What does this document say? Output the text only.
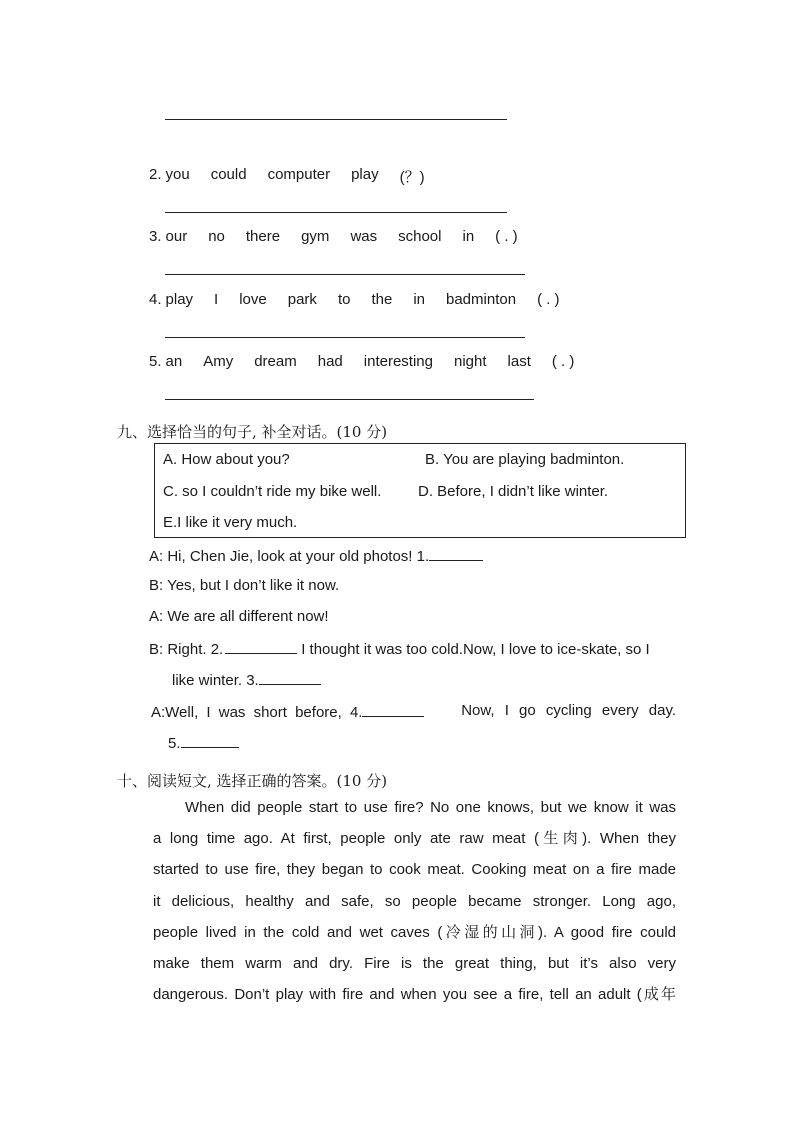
2. you could computer play (？)
3. our no there gym was school in ( . )
4. play I love park to the in badminton ( . )
5. an Amy dream had interesting night last ( . )
九、选择恰当的句子, 补全对话。(10 分)
A. How about you?	B. You are playing badminton.
C. so I couldn’t ride my bike well. D. Before, I didn’t like winter.
E.I like it very much.
A: Hi, Chen Jie, look at your old photos! 1.
B: Yes, but I don’t like it now.
A: We are all different now!
B: Right. 2.	I thought it was too cold.Now, I love to ice-skate, so I
like winter. 3.
A:Well, I was short before, 4.	Now, I go cycling every day.
5.
十、阅读短文, 选择正确的答案。(10 分)
When did people start to use fire? No one knows, but we know it was
a long time ago. At first, people only ate raw meat (生肉). When they
started to use fire, they began to cook meat. Cooking meat on a fire made
it delicious, healthy and safe, so people became stronger. Long ago,
people lived in the cold and wet caves (冷湿的山洞). A good fire could
make them warm and dry. Fire is the great thing, but it’s also very
dangerous. Don’t play with fire and when you see a fire, tell an adult (成年
